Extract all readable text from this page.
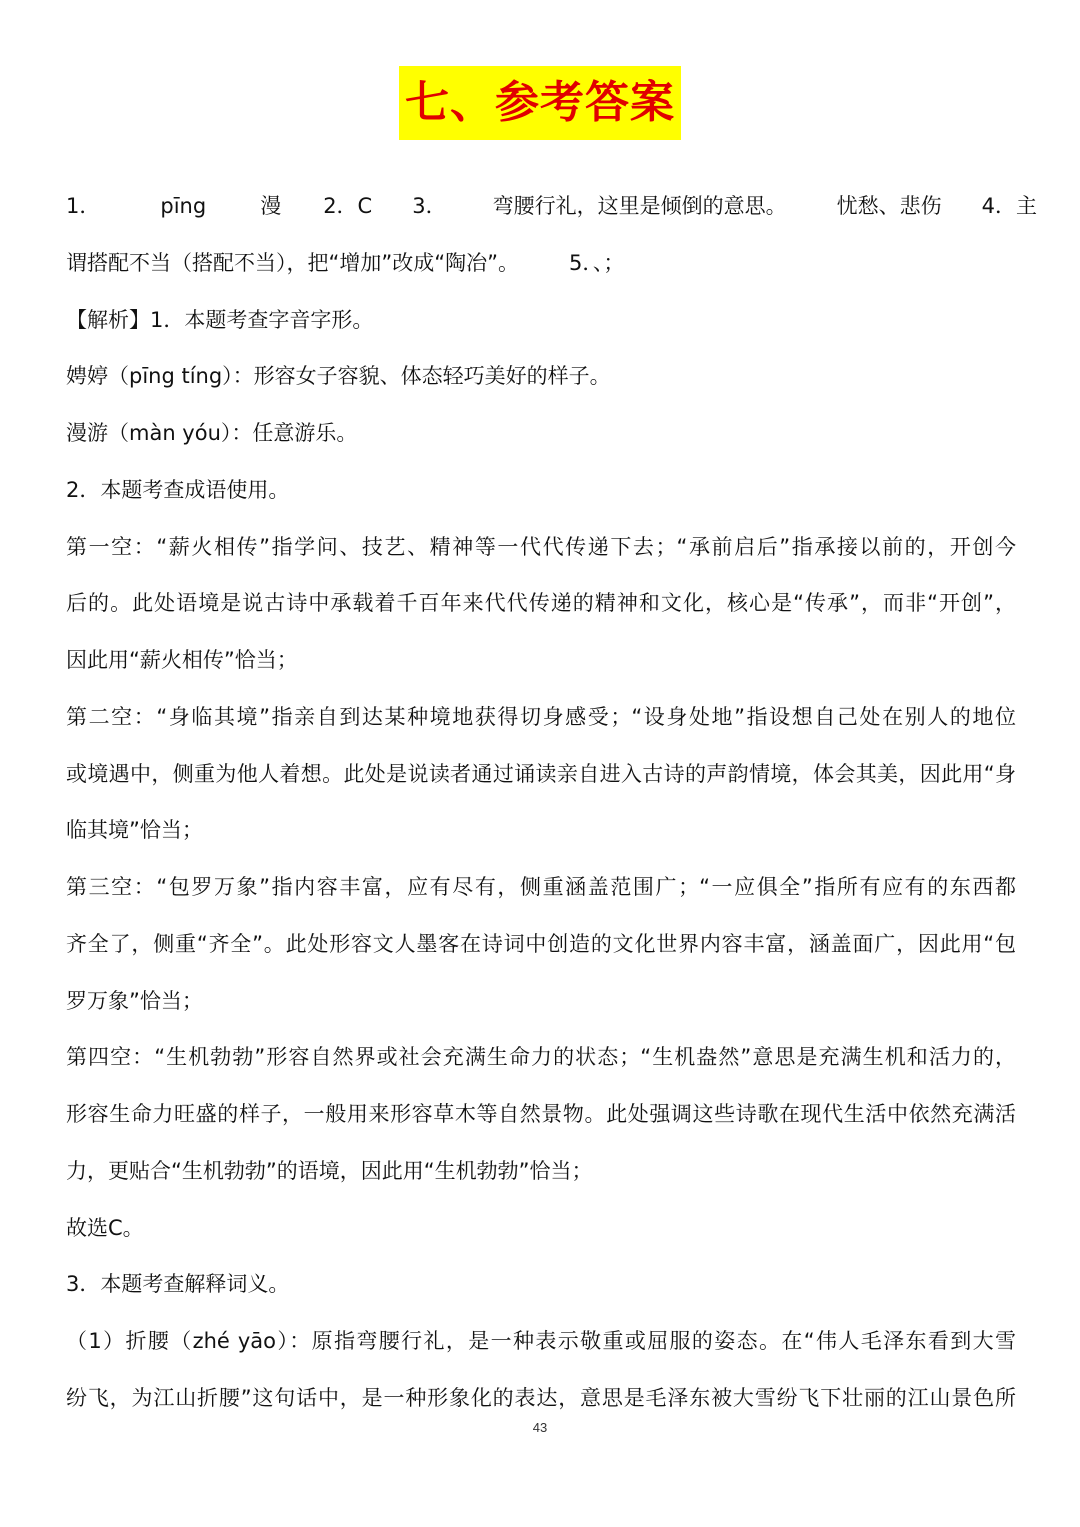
七、参考答案
1．	pīng	漫 2．C 3． 弯腰行礼，这里是倾倒的意思。 忧愁、悲伤 4．主
谓搭配不当（搭配不当），把“增加”改成“陶冶”。 5．、；
【解析】1．本题考查字音字形。
娉婷（pīng tíng）：形容女子容貌、体态轻巧美好的样子。
漫游（màn yóu）：任意游乐。
2．本题考查成语使用。
第一空：“薪火相传”指学问、技艺、精神等一代代传递下去；“承前启后”指承接以前的，开创今
后的。此处语境是说古诗中承载着千百年来代代传递的精神和文化，核心是“传承”，而非“开创”，
因此用“薪火相传”恰当；
第二空：“身临其境”指亲自到达某种境地获得切身感受；“设身处地”指设想自己处在别人的地位
或境遇中，侧重为他人着想。此处是说读者通过诵读亲自进入古诗的声韵情境，体会其美，因此用“身
临其境”恰当；
第三空：“包罗万象”指内容丰富，应有尽有，侧重涵盖范围广；“一应俱全”指所有应有的东西都
齐全了，侧重“齐全”。此处形容文人墨客在诗词中创造的文化世界内容丰富，涵盖面广，因此用“包
罗万象”恰当；
第四空：“生机勃勃”形容自然界或社会充满生命力的状态；“生机盎然”意思是充满生机和活力的，
形容生命力旺盛的样子，一般用来形容草木等自然景物。此处强调这些诗歌在现代生活中依然充满活
力，更贴合“生机勃勃”的语境，因此用“生机勃勃”恰当；
故选C。
3．本题考查解释词义。
（1）折腰（zhé yāo）：原指弯腰行礼，是一种表示敬重或屈服的姿态。在“伟人毛泽东看到大雪
纷飞，为江山折腰”这句话中，是一种形象化的表达，意思是毛泽东被大雪纷飞下壮丽的江山景色所
43
